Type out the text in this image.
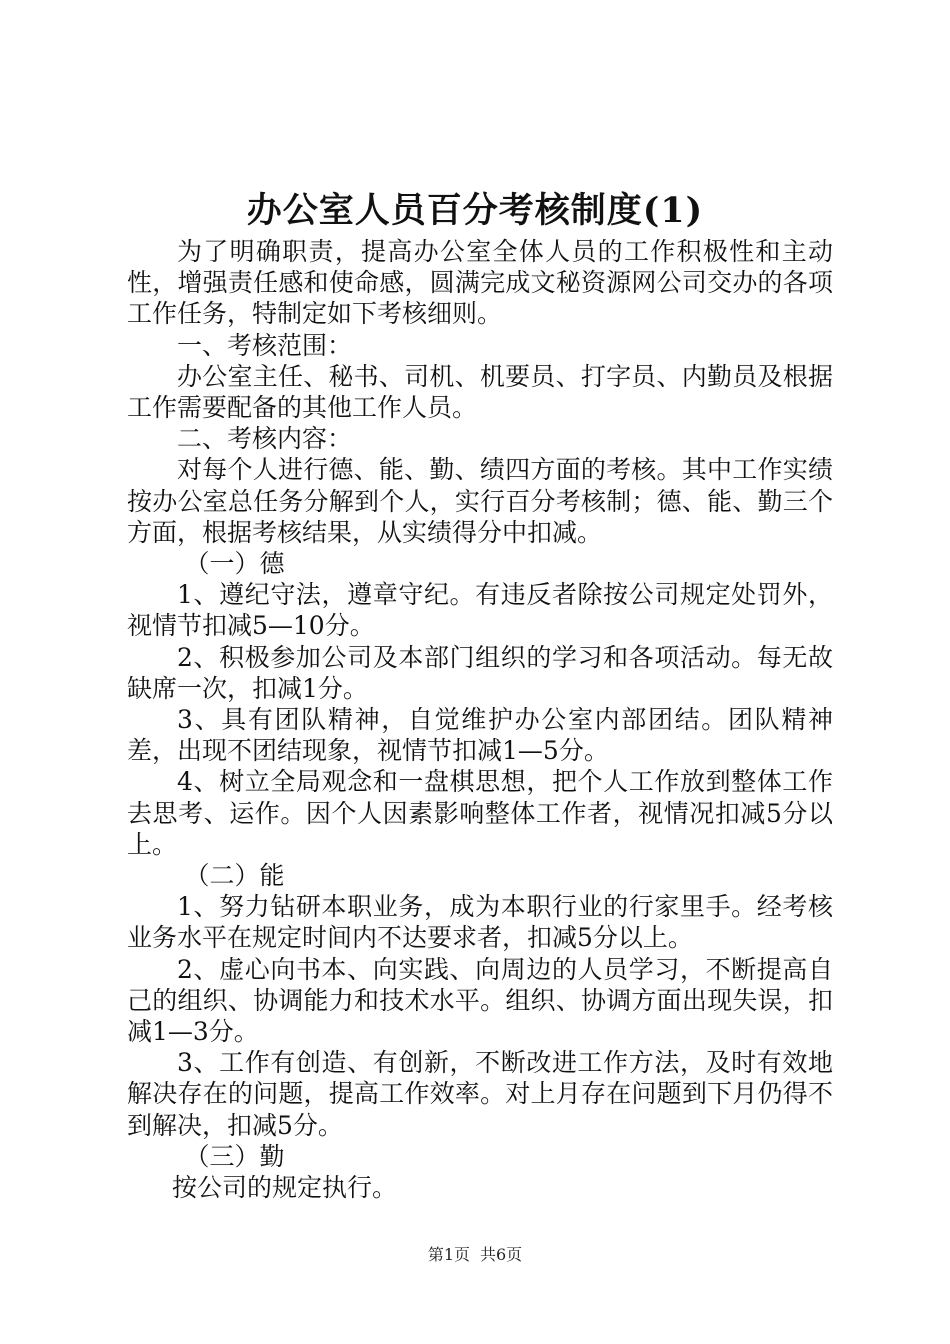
办公室人员百分考核制度(1)

为了明确职责，提高办公室全体人员的工作积极性和主动性，增强责任感和使命感，圆满完成文秘资源网公司交办的各项工作任务，特制定如下考核细则。

一、考核范围：

办公室主任、秘书、司机、机要员、打字员、内勤员及根据工作需要配备的其他工作人员。

二、考核内容：

对每个人进行德、能、勤、绩四方面的考核。其中工作实绩按办公室总任务分解到个人，实行百分考核制；德、能、勤三个方面，根据考核结果，从实绩得分中扣减。

（一）德

1、遵纪守法，遵章守纪。有违反者除按公司规定处罚外，视情节扣减5—10分。

2、积极参加公司及本部门组织的学习和各项活动。每无故缺席一次，扣减1分。

3、具有团队精神，自觉维护办公室内部团结。团队精神差，出现不团结现象，视情节扣减1—5分。

4、树立全局观念和一盘棋思想，把个人工作放到整体工作去思考、运作。因个人因素影响整体工作者，视情况扣减5分以上。

（二）能

1、努力钻研本职业务，成为本职行业的行家里手。经考核业务水平在规定时间内不达要求者，扣减5分以上。

2、虚心向书本、向实践、向周边的人员学习，不断提高自己的组织、协调能力和技术水平。组织、协调方面出现失误，扣减1—3分。

3、工作有创造、有创新，不断改进工作方法，及时有效地解决存在的问题，提高工作效率。对上月存在问题到下月仍得不到解决，扣减5分。

（三）勤

按公司的规定执行。

第1页 共6页
